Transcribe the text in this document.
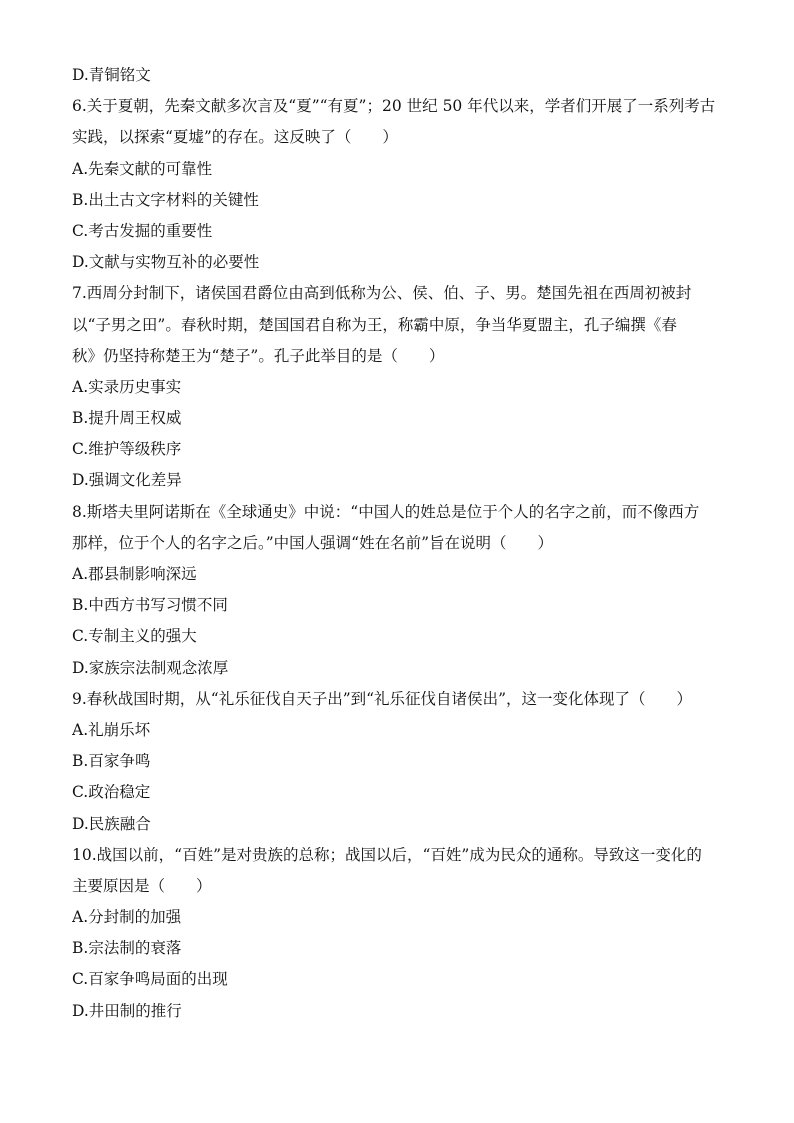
D.青铜铭文
6.关于夏朝，先秦文献多次言及“夏”“有夏”；20 世纪 50 年代以来，学者们开展了一系列考古
实践，以探索“夏墟”的存在。这反映了（　　）
A.先秦文献的可靠性
B.出土古文字材料的关键性
C.考古发掘的重要性
D.文献与实物互补的必要性
7.西周分封制下，诸侯国君爵位由高到低称为公、侯、伯、子、男。楚国先祖在西周初被封
以“子男之田”。春秋时期，楚国国君自称为王，称霸中原，争当华夏盟主，孔子编撰《春
秋》仍坚持称楚王为“楚子”。孔子此举目的是（　　）
A.实录历史事实
B.提升周王权威
C.维护等级秩序
D.强调文化差异
8.斯塔夫里阿诺斯在《全球通史》中说：“中国人的姓总是位于个人的名字之前，而不像西方
那样，位于个人的名字之后。”中国人强调“姓在名前”旨在说明（　　）
A.郡县制影响深远
B.中西方书写习惯不同
C.专制主义的强大
D.家族宗法制观念浓厚
9.春秋战国时期，从“礼乐征伐自天子出”到“礼乐征伐自诸侯出”，这一变化体现了（　　）
A.礼崩乐坏
B.百家争鸣
C.政治稳定
D.民族融合
10.战国以前，“百姓”是对贵族的总称；战国以后，“百姓”成为民众的通称。导致这一变化的
主要原因是（　　）
A.分封制的加强
B.宗法制的衰落
C.百家争鸣局面的出现
D.井田制的推行
